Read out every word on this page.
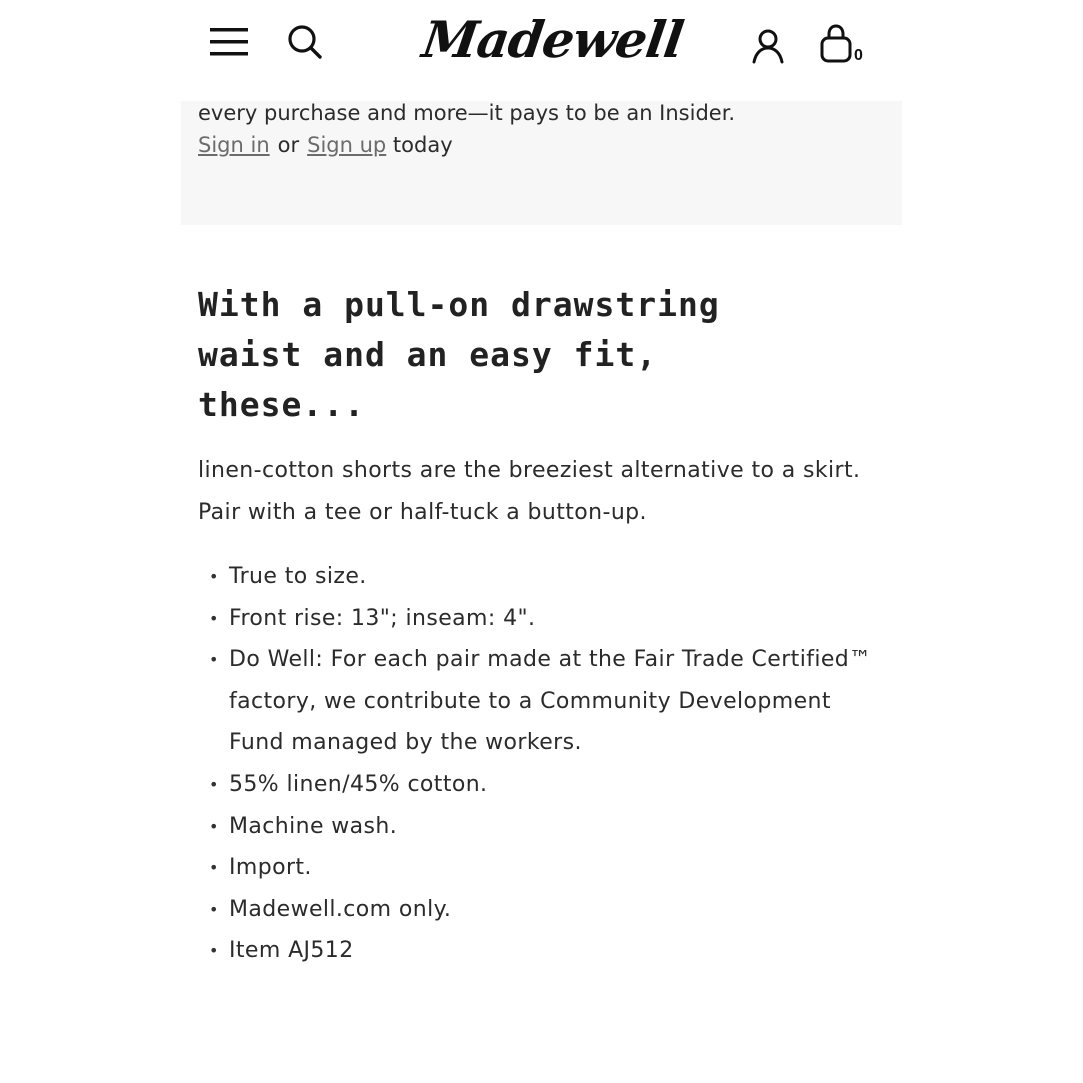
Madewell	0
every purchase and more—it pays to be an Insider.
Sign in or Sign up today
With a pull-on drawstring waist and an easy fit, these...

linen-cotton shorts are the breeziest alternative to a skirt. Pair with a tee or half-tuck a button-up.

• True to size.
• Front rise: 13"; inseam: 4".
• Do Well: For each pair made at the Fair Trade Certified™ factory, we contribute to a Community Development Fund managed by the workers.
• 55% linen/45% cotton.
• Machine wash.
• Import.
• Madewell.com only.
• Item AJ512
